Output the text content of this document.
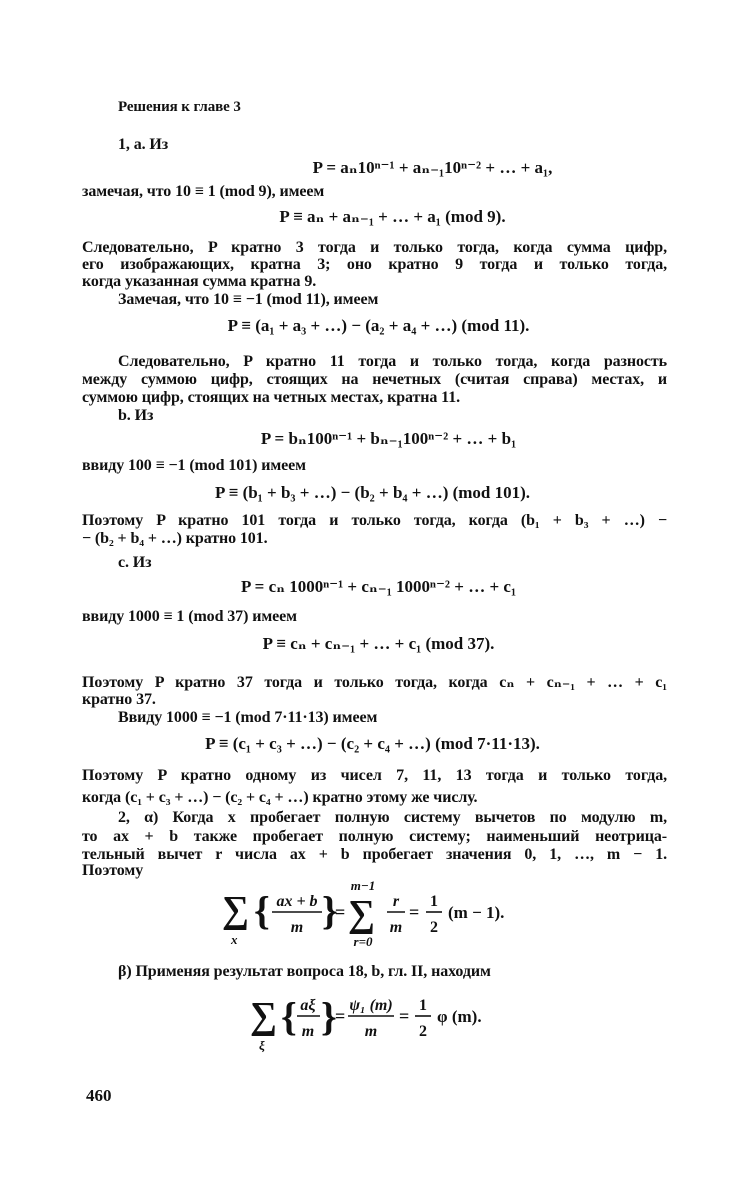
Решения к главе 3
1, a. Из
P = aₙ10ⁿ⁻¹ + aₙ₋₁10ⁿ⁻² + … + a₁,
замечая, что 10 ≡ 1 (mod 9), имеем
P ≡ aₙ + aₙ₋₁ + … + a₁ (mod 9).
Следовательно, P кратно 3 тогда и только тогда, когда сумма цифр,
его изображающих, кратна 3; оно кратно 9 тогда и только тогда,
когда указанная сумма кратна 9.
Замечая, что 10 ≡ −1 (mod 11), имеем
P ≡ (a₁ + a₃ + …) − (a₂ + a₄ + …) (mod 11).
Следовательно, P кратно 11 тогда и только тогда, когда разность
между суммою цифр, стоящих на нечетных (считая справа) местах, и
суммою цифр, стоящих на четных местах, кратна 11.
b. Из
P = bₙ100ⁿ⁻¹ + bₙ₋₁100ⁿ⁻² + … + b₁
ввиду 100 ≡ −1 (mod 101) имеем
P ≡ (b₁ + b₃ + …) − (b₂ + b₄ + …) (mod 101).
Поэтому P кратно 101 тогда и только тогда, когда (b₁ + b₃ + …) −
− (b₂ + b₄ + …) кратно 101.
c. Из
P = cₙ 1000ⁿ⁻¹ + cₙ₋₁ 1000ⁿ⁻² + … + c₁
ввиду 1000 ≡ 1 (mod 37) имеем
P ≡ cₙ + cₙ₋₁ + … + c₁ (mod 37).
Поэтому P кратно 37 тогда и только тогда, когда cₙ + cₙ₋₁ + … + c₁
кратно 37.
Ввиду 1000 ≡ −1 (mod 7·11·13) имеем
P ≡ (c₁ + c₃ + …) − (c₂ + c₄ + …) (mod 7·11·13).
Поэтому P кратно одному из чисел 7, 11, 13 тогда и только тогда,
когда (c₁ + c₃ + …) − (c₂ + c₄ + …) кратно этому же числу.
2, α) Когда x пробегает полную систему вычетов по модулю m,
то ax + b также пробегает полную систему; наименьший неотрица-
тельный вычет r числа ax + b пробегает значения 0, 1, …, m − 1.
Поэтому
∑
x
{ ax + b
m }
=
m−1
∑
r=0
r
m
=
1
2
(m − 1).
β) Применяя результат вопроса 18, b, гл. II, находим
∑
ξ
{ aξ
m }
=
ψ₁ (m)
m
=
1
2
φ (m).
460
